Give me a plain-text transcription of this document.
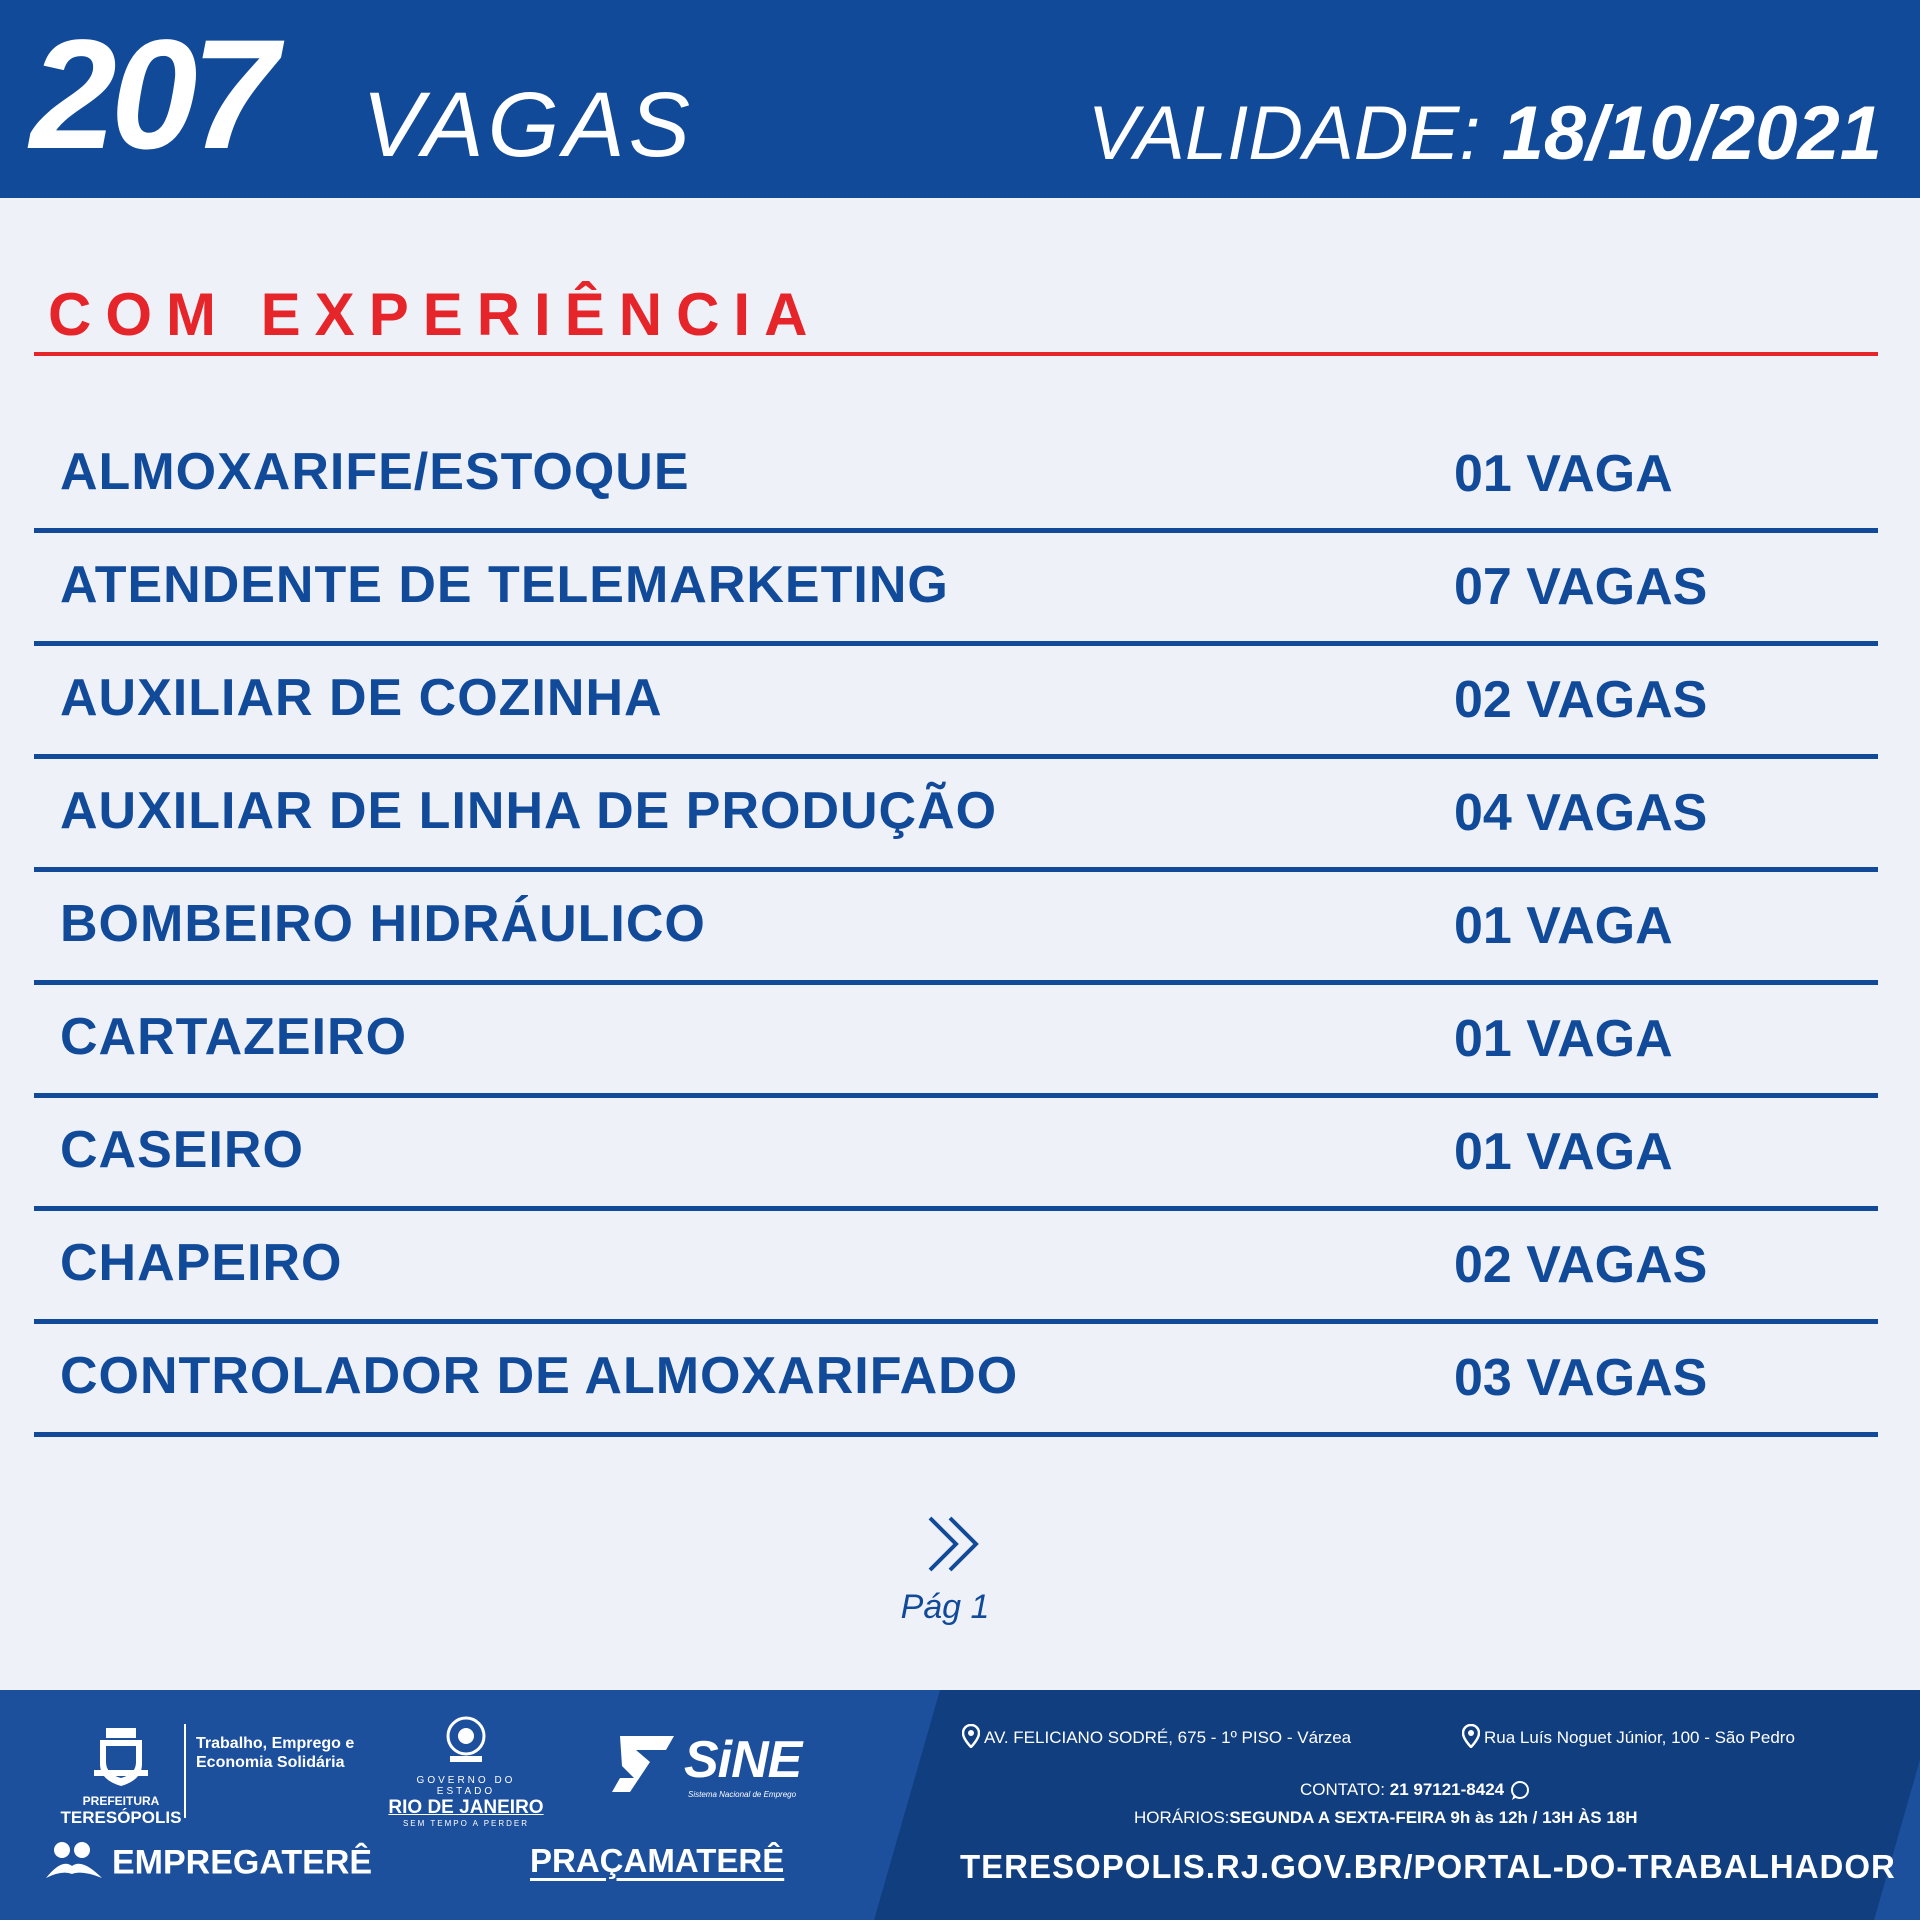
207 VAGAS	VALIDADE: 18/10/2021
COM EXPERIÊNCIA
ALMOXARIFE/ESTOQUE	01 VAGA
ATENDENTE DE TELEMARKETING	07 VAGAS
AUXILIAR DE COZINHA	02 VAGAS
AUXILIAR DE LINHA DE PRODUÇÃO	04 VAGAS
BOMBEIRO HIDRÁULICO	01 VAGA
CARTAZEIRO	01 VAGA
CASEIRO	01 VAGA
CHAPEIRO	02 VAGAS
CONTROLADOR DE ALMOXARIFADO	03 VAGAS
Pág 1
PREFEITURA
TERESÓPOLIS
Trabalho, Emprego e Economia Solidária
GOVERNO DO ESTADO
RIO DE JANEIRO
SEM TEMPO A PERDER
SiNE
Sistema Nacional de Emprego
EMPREGATERÊ	PRAÇAMATERÊ
AV. FELICIANO SODRÉ, 675 - 1º PISO - Várzea	Rua Luís Noguet Júnior, 100 - São Pedro
CONTATO: 21 97121-8424
HORÁRIOS:SEGUNDA A SEXTA-FEIRA 9h às 12h / 13H ÀS 18H
TERESOPOLIS.RJ.GOV.BR/PORTAL-DO-TRABALHADOR
